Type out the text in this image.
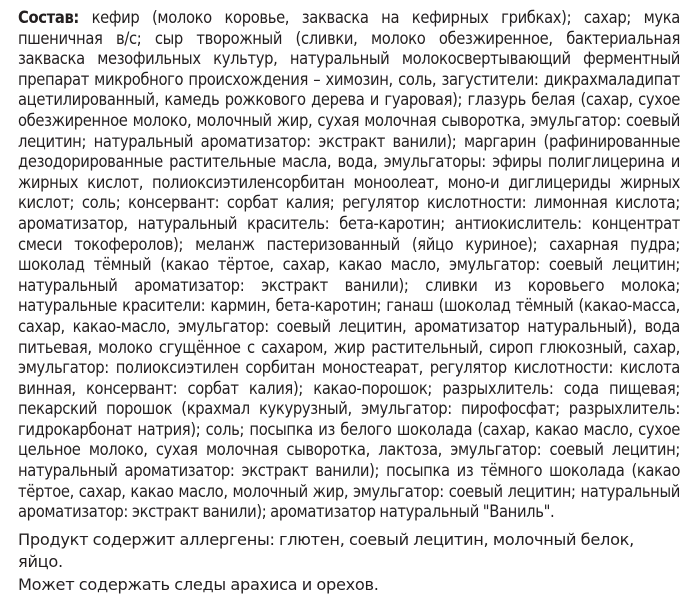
Состав: кефир (молоко коровье, закваска на кефирных грибках); сахар; мука пшеничная в/с; сыр творожный (сливки, молоко обезжиренное, бактериальная закваска мезофильных культур, натуральный молокосвертывающий ферментный препарат микробного происхождения – химозин, соль, загустители: дикрахмаладипат ацетилированный, камедь рожкового дерева и гуаровая); глазурь белая (сахар, сухое обезжиренное молоко, молочный жир, сухая молочная сыворотка, эмульгатор: соевый лецитин; натуральный ароматизатор: экстракт ванили); маргарин (рафинированные дезодорированные растительные масла, вода, эмульгаторы: эфиры полиглицерина и жирных кислот, полиоксиэтиленсорбитан моноолеат, моно-и диглицериды жирных кислот; соль; консервант: сорбат калия; регулятор кислотности: лимонная кислота; ароматизатор, натуральный краситель: бета-каротин; антиокислитель: концентрат смеси токоферолов); меланж пастеризованный (яйцо куриное); сахарная пудра; шоколад тёмный (какао тёртое, сахар, какао масло, эмульгатор: соевый лецитин; натуральный ароматизатор: экстракт ванили); сливки из коровьего молока; натуральные красители: кармин, бета-каротин; ганаш (шоколад тёмный (какао-масса, сахар, какао-масло, эмульгатор: соевый лецитин, ароматизатор натуральный), вода питьевая, молоко сгущённое с сахаром, жир растительный, сироп глюкозный, сахар, эмульгатор: полиоксиэтилен сорбитан моностеарат, регулятор кислотности: кислота винная, консервант: сорбат калия); какао-порошок; разрыхлитель: сода пищевая; пекарский порошок (крахмал кукурузный, эмульгатор: пирофосфат; разрыхлитель: гидрокарбонат натрия); соль; посыпка из белого шоколада (сахар, какао масло, сухое цельное молоко, сухая молочная сыворотка, лактоза, эмульгатор: соевый лецитин; натуральный ароматизатор: экстракт ванили); посыпка из тёмного шоколада (какао тёртое, сахар, какао масло, молочный жир, эмульгатор: соевый лецитин; натуральный ароматизатор: экстракт ванили); ароматизатор натуральный "Ваниль".

Продукт содержит аллергены: глютен, соевый лецитин, молочный белок, яйцо.

Может содержать следы арахиса и орехов.
